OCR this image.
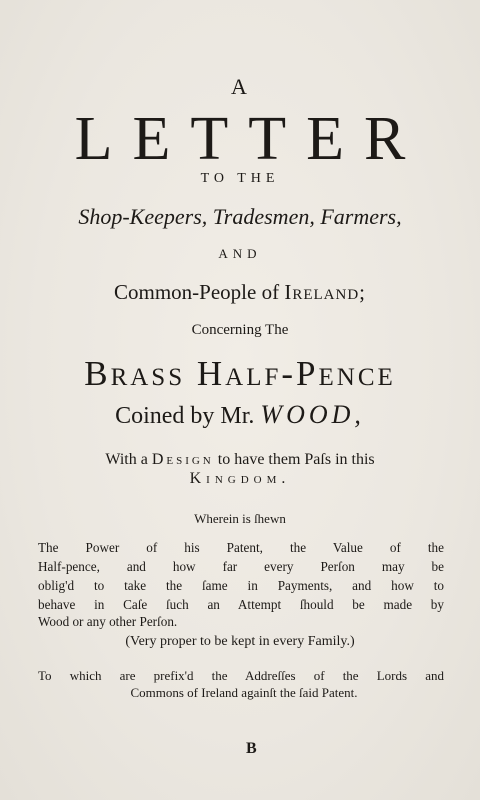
A
LETTER
TO THE
Shop-Keepers, Tradesmen, Farmers,
AND
Common-People of Ireland;
Concerning The
Brass Half-Pence
Coined by Mr. WOOD,
With a Design to have them Paſs in this
Kingdom.
Wherein is ſhewn
The Power of his Patent, the Value of the
Half-pence, and how far every Perſon may be
oblig'd to take the ſame in Payments, and how to
behave in Caſe ſuch an Attempt ſhould be made by
Wood or any other Perſon.
(Very proper to be kept in every Family.)
To which are prefix'd the Addreſſes of the Lords and
Commons of Ireland againſt the ſaid Patent.
B
